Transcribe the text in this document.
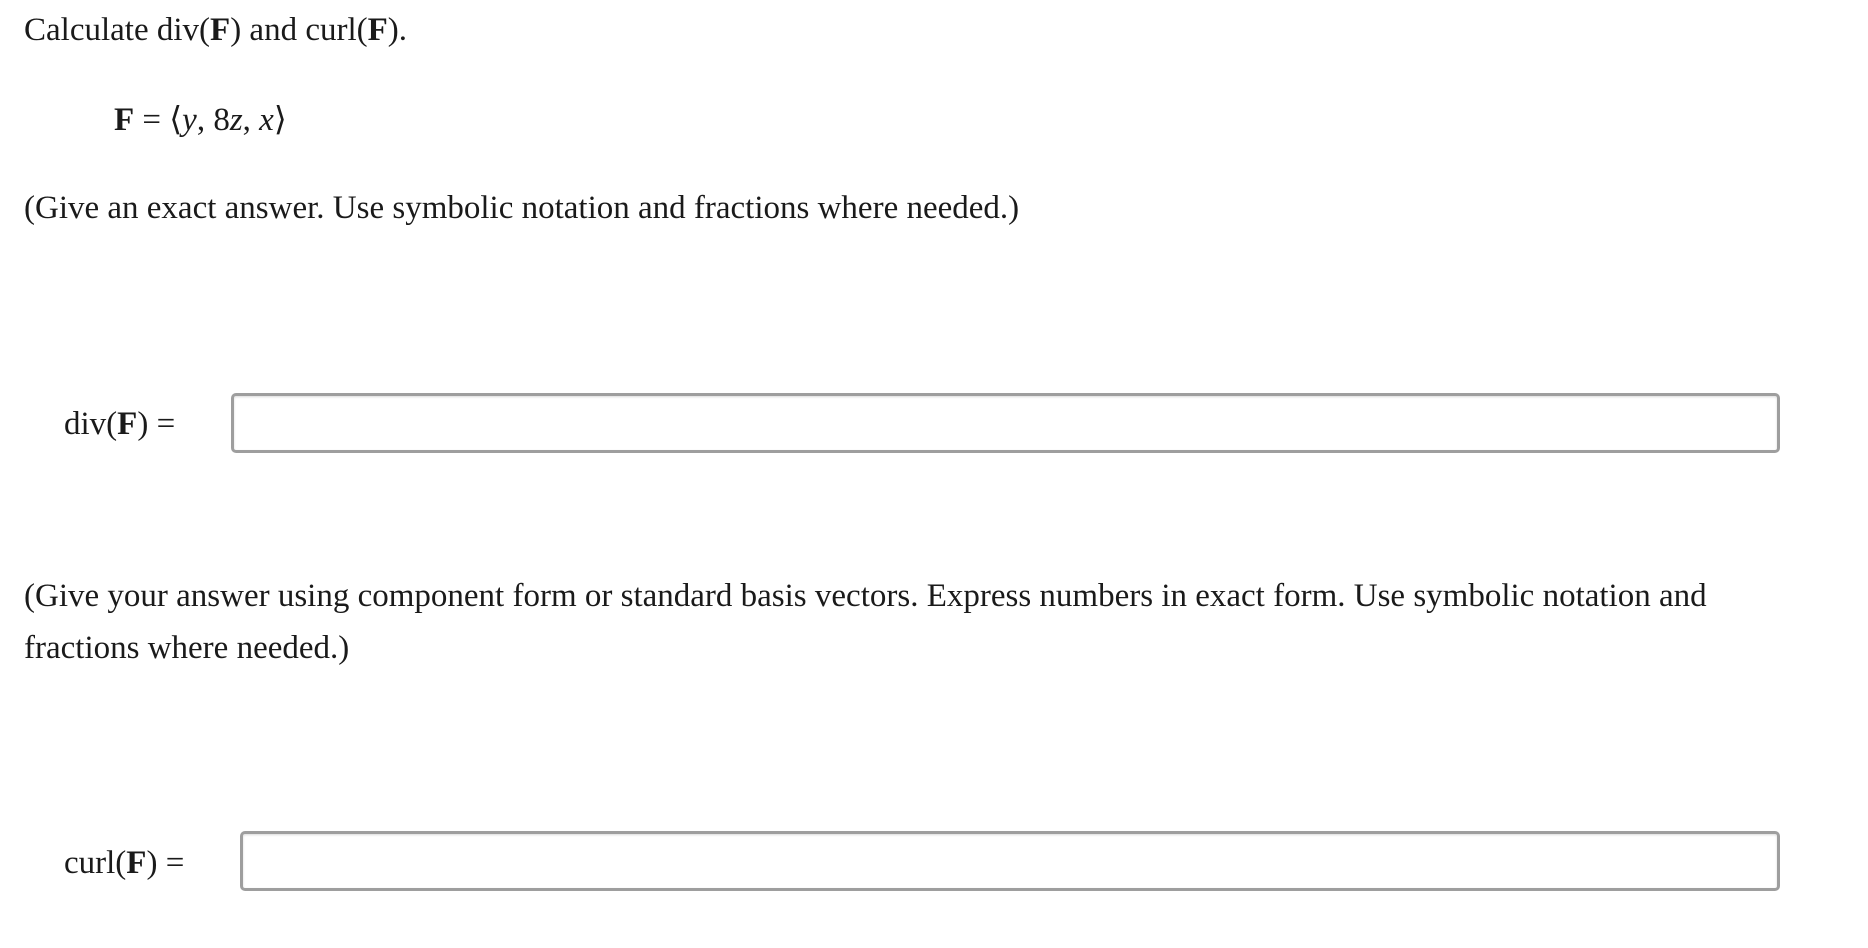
Calculate div(F) and curl(F).
F = ⟨y, 8z, x⟩
(Give an exact answer. Use symbolic notation and fractions where needed.)
div(F) =
(Give your answer using component form or standard basis vectors. Express numbers in exact form. Use symbolic notation and
fractions where needed.)
curl(F) =
